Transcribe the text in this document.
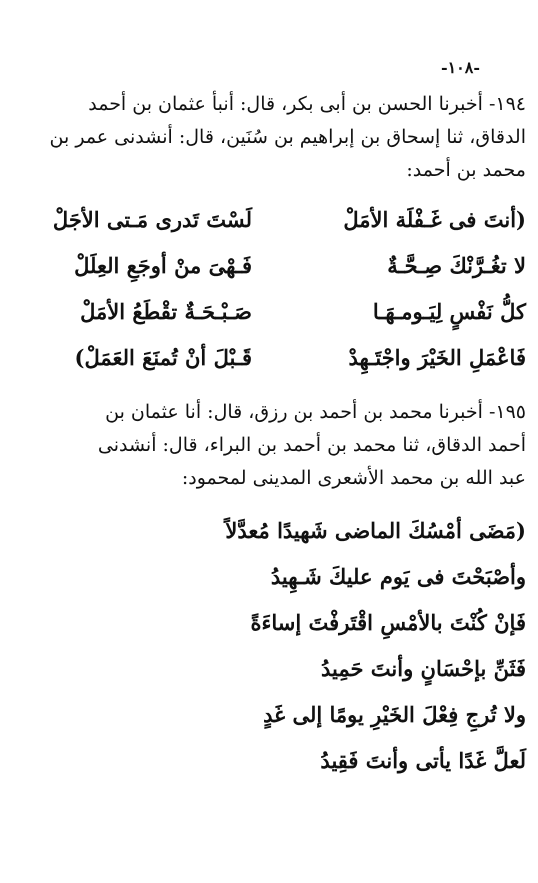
-١٠٨-
١٩٤- أخبرنا الحسن بن أبى بكر، قال: أنبأ عثمان بن أحمد
الدقاق، ثنا إسحاق بن إبراهيم بن سُنَين، قال: أنشدنى عمر بن
محمد بن أحمد:
(أنتَ فى غَـفْلَة الأمَلْ
لَسْتَ تَدرى مَـتى الأجَلْ
لا تغُـرَّنْكَ صِـحَّـةٌ
فَـهْىَ منْ أوجَعِ العِلَلْ
كلُّ نَفْسٍ لِيَـومـهَـا
صَـبْـحَـةٌ تقْطَعُ الأمَلْ
فَاعْمَلِ الخَيْرَ واجْتَـهِدْ
قَـبْلَ أنْ تُمنَعَ العَمَلْ)
١٩٥- أخبرنا محمد بن أحمد بن رزق، قال: أنا عثمان بن
أحمد الدقاق، ثنا محمد بن أحمد بن البراء، قال: أنشدنى
عبد الله بن محمد الأشعرى المدينى لمحمود:
(مَضَى أمْسُكَ الماضى شَهيدًا مُعدَّلاً
وأصْبَحْتَ فى يَوم عليكَ شَـهِيدُ
فَإنْ كُنْتَ بالأمْسِ اقْتَرفْتَ إساءَةً
فَثَنِّ بإحْسَانٍ وأنتَ حَمِيدُ
ولا تُرجِ فِعْلَ الخَيْرِ يومًا إلى غَدٍ
لَعلَّ غَدًا يأتى وأنتَ فَقِيدُ
